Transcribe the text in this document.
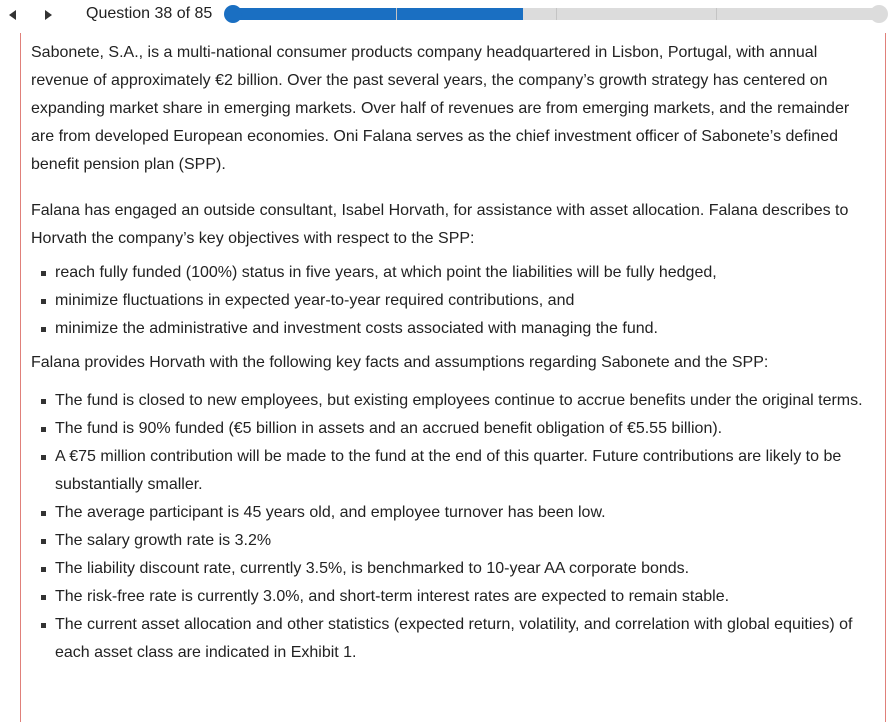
Question 38 of 85

Sabonete, S.A., is a multi-national consumer products company headquartered in Lisbon, Portugal, with annual revenue of approximately €2 billion. Over the past several years, the company’s growth strategy has centered on expanding market share in emerging markets. Over half of revenues are from emerging markets, and the remainder are from developed European economies. Oni Falana serves as the chief investment officer of Sabonete’s defined benefit pension plan (SPP).

Falana has engaged an outside consultant, Isabel Horvath, for assistance with asset allocation. Falana describes to Horvath the company’s key objectives with respect to the SPP:

reach fully funded (100%) status in five years, at which point the liabilities will be fully hedged,
minimize fluctuations in expected year-to-year required contributions, and
minimize the administrative and investment costs associated with managing the fund.

Falana provides Horvath with the following key facts and assumptions regarding Sabonete and the SPP:

The fund is closed to new employees, but existing employees continue to accrue benefits under the original terms.
The fund is 90% funded (€5 billion in assets and an accrued benefit obligation of €5.55 billion).
A €75 million contribution will be made to the fund at the end of this quarter. Future contributions are likely to be substantially smaller.
The average participant is 45 years old, and employee turnover has been low.
The salary growth rate is 3.2%
The liability discount rate, currently 3.5%, is benchmarked to 10-year AA corporate bonds.
The risk-free rate is currently 3.0%, and short-term interest rates are expected to remain stable.
The current asset allocation and other statistics (expected return, volatility, and correlation with global equities) of each asset class are indicated in Exhibit 1.
